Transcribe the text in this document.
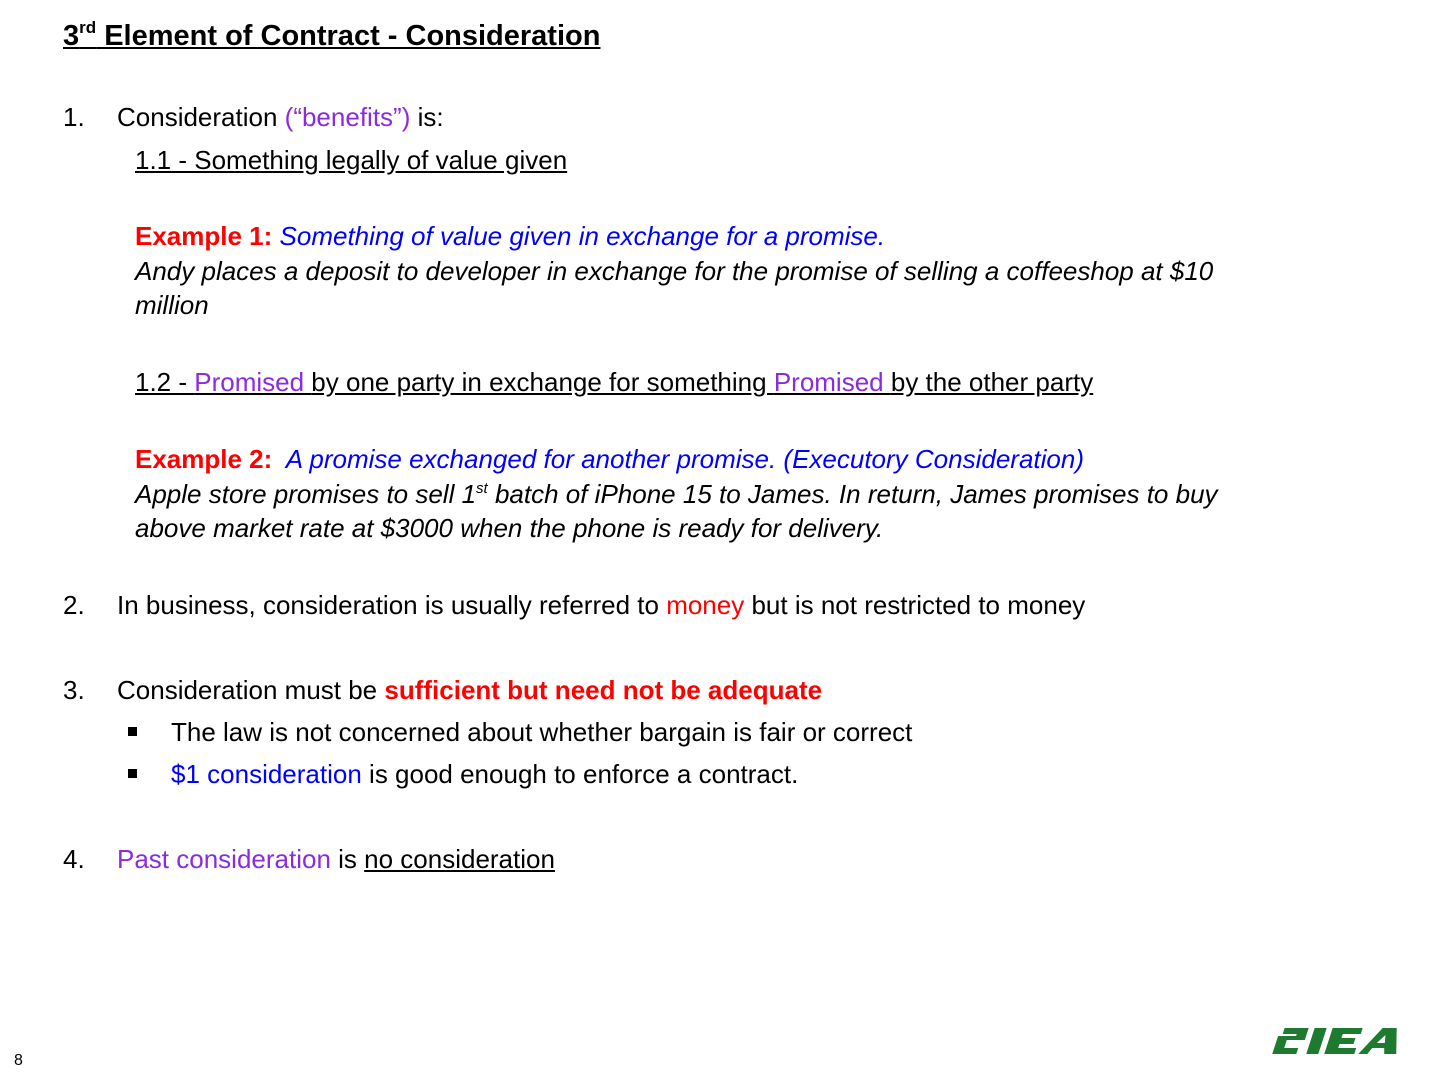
3rd Element of Contract - Consideration
1. Consideration (“benefits”) is:
1.1 - Something legally of value given
Example 1: Something of value given in exchange for a promise.
Andy places a deposit to developer in exchange for the promise of selling a coffeeshop at $10
million
1.2 - Promised by one party in exchange for something Promised by the other party
Example 2:  A promise exchanged for another promise. (Executory Consideration)
Apple store promises to sell 1st batch of iPhone 15 to James. In return, James promises to buy
above market rate at $3000 when the phone is ready for delivery.
2. In business, consideration is usually referred to money but is not restricted to money
3. Consideration must be sufficient but need not be adequate
The law is not concerned about whether bargain is fair or correct
$1 consideration is good enough to enforce a contract.
4. Past consideration is no consideration
8
